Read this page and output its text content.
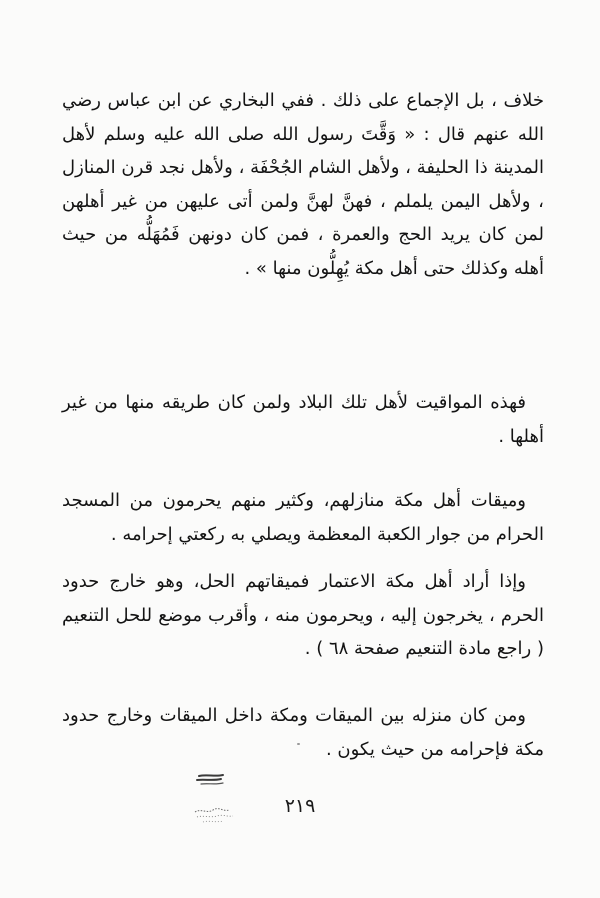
خلاف ، بل الإجماع على ذلك . ففي البخاري عن ابن عباس رضي الله عنهم قال : « وَقَّتَ رسول الله صلى الله عليه وسلم لأهل المدينة ذا الحليفة ، ولأهل الشام الجُحْفَة ، ولأهل نجد قرن المنازل ، ولأهل اليمن يلملم ، فهنَّ لهنَّ ولمن أتى عليهن من غير أهلهن لمن كان يريد الحج والعمرة ، فمن كان دونهن فَمُهَلُّه من حيث أهله وكذلك حتى أهل مكة يُهِلُّون منها » .

فهذه المواقيت لأهل تلك البلاد ولمن كان طريقه منها من غير أهلها .

وميقات أهل مكة منازلهم، وكثير منهم يحرمون من المسجد الحرام من جوار الكعبة المعظمة ويصلي به ركعتي إحرامه .

وإذا أراد أهل مكة الاعتمار فميقاتهم الحل، وهو خارج حدود الحرم ، يخرجون إليه ، ويحرمون منه ، وأقرب موضع للحل التنعيم ( راجع مادة التنعيم صفحة ٦٨ ) .

ومن كان منزله بين الميقات ومكة داخل الميقات وخارج حدود مكة فإحرامه من حيث يكون .

٢١٩
